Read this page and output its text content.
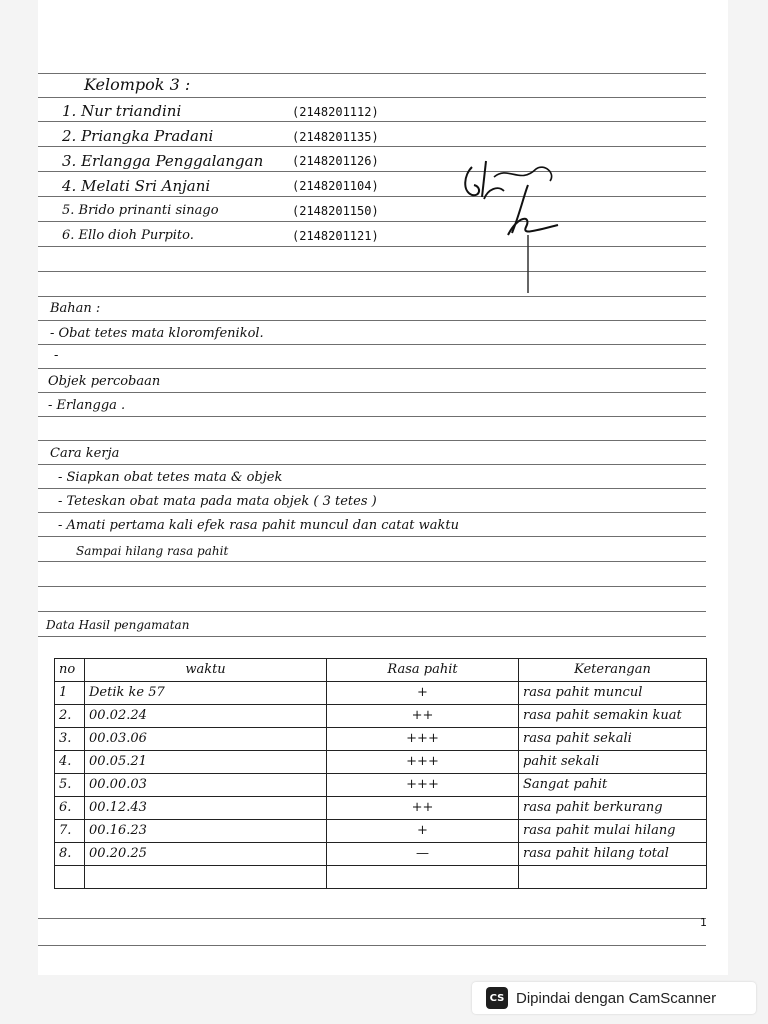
Kelompok 3 :
1. Nur triandini	(2148201112)
2. Priangka Pradani	(2148201135)
3. Erlangga Penggalangan (2148201126)
4. Melati Sri Anjani	(2148201104)
5. Brido prinanti sinago	(2148201150)
6. Ello dioh Purpito.	(2148201121)
Bahan :
- Obat tetes mata kloromfenikol.
-
Objek percobaan
- Erlangga .
Cara kerja
- Siapkan obat tetes mata & objek
- Teteskan obat mata pada mata objek ( 3 tetes )
- Amati pertama kali efek rasa pahit muncul dan catat waktu
Sampai hilang rasa pahit
Data Hasil pengamatan
no	waktu	Rasa pahit	Keterangan
1	Detik ke 57	+	rasa pahit muncul
2.	00.02.24	++	rasa pahit semakin kuat
3.	00.03.06	+++	rasa pahit sekali
4.	00.05.21	+++	pahit sekali
5.	00.00.03	+++	Sangat pahit
6.	00.12.43	++	rasa pahit berkurang
7.	00.16.23	+	rasa pahit mulai hilang
8.	00.20.25	—	rasa pahit hilang total

1
CS Dipindai dengan CamScanner
